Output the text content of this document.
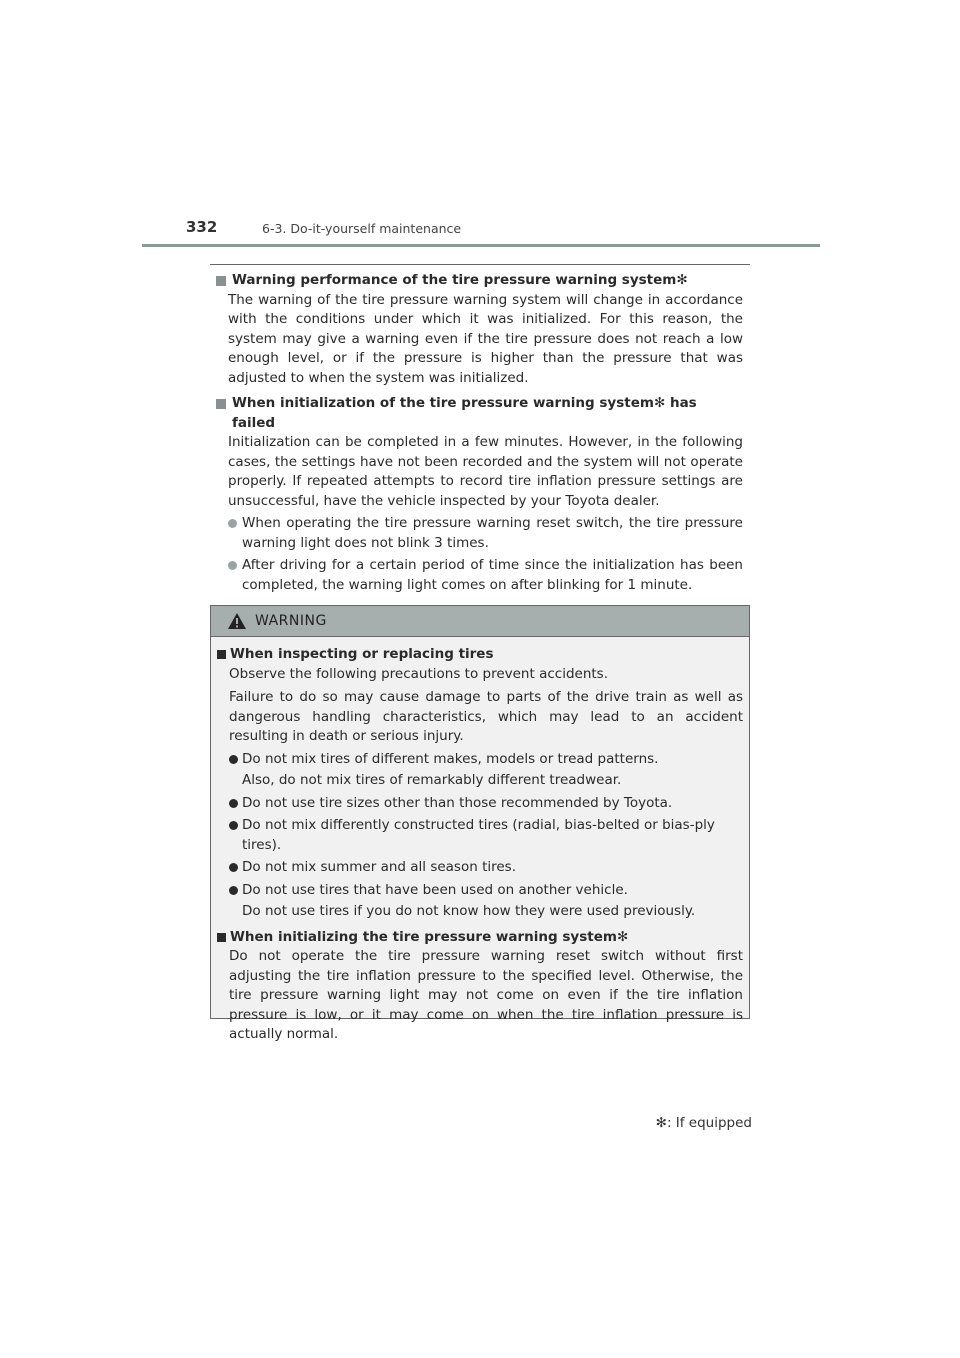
332	6-3. Do-it-yourself maintenance
Warning performance of the tire pressure warning system✻
The warning of the tire pressure warning system will change in accordance with the conditions under which it was initialized. For this reason, the system may give a warning even if the tire pressure does not reach a low enough level, or if the pressure is higher than the pressure that was adjusted to when the system was initialized.
When initialization of the tire pressure warning system✻ has failed
Initialization can be completed in a few minutes. However, in the following cases, the settings have not been recorded and the system will not operate properly. If repeated attempts to record tire inflation pressure settings are unsuccessful, have the vehicle inspected by your Toyota dealer.
When operating the tire pressure warning reset switch, the tire pressure warning light does not blink 3 times.
After driving for a certain period of time since the initialization has been completed, the warning light comes on after blinking for 1 minute.
WARNING
When inspecting or replacing tires
Observe the following precautions to prevent accidents.
Failure to do so may cause damage to parts of the drive train as well as dangerous handling characteristics, which may lead to an accident resulting in death or serious injury.
Do not mix tires of different makes, models or tread patterns.
Also, do not mix tires of remarkably different treadwear.
Do not use tire sizes other than those recommended by Toyota.
Do not mix differently constructed tires (radial, bias-belted or bias-ply tires).
Do not mix summer and all season tires.
Do not use tires that have been used on another vehicle.
Do not use tires if you do not know how they were used previously.
When initializing the tire pressure warning system✻
Do not operate the tire pressure warning reset switch without first adjusting the tire inflation pressure to the specified level. Otherwise, the tire pressure warning light may not come on even if the tire inflation pressure is low, or it may come on when the tire inflation pressure is actually normal.
✻: If equipped
